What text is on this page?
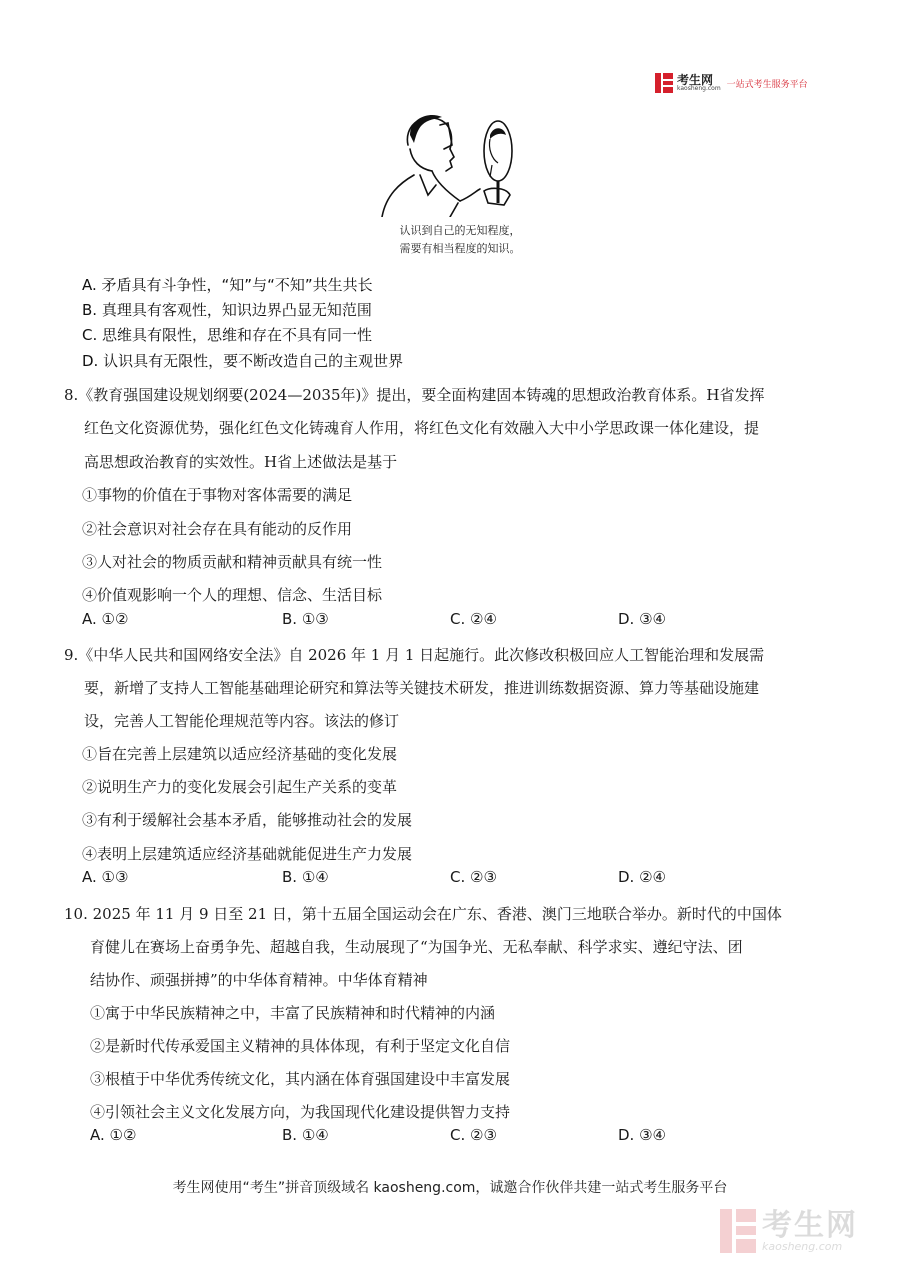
考生网
kaosheng.com 一站式考生服务平台
认识到自己的无知程度，
需要有相当程度的知识。
A. 矛盾具有斗争性，“知”与“不知”共生共长
B. 真理具有客观性，知识边界凸显无知范围
C. 思维具有限性，思维和存在不具有同一性
D. 认识具有无限性，要不断改造自己的主观世界
8.《教育强国建设规划纲要(2024—2035年)》提出，要全面构建固本铸魂的思想政治教育体系。H省发挥
红色文化资源优势，强化红色文化铸魂育人作用，将红色文化有效融入大中小学思政课一体化建设，提
高思想政治教育的实效性。H省上述做法是基于
①事物的价值在于事物对客体需要的满足
②社会意识对社会存在具有能动的反作用
③人对社会的物质贡献和精神贡献具有统一性
④价值观影响一个人的理想、信念、生活目标
A. ①②	B. ①③	C. ②④	D. ③④
9.《中华人民共和国网络安全法》自 2026 年 1 月 1 日起施行。此次修改积极回应人工智能治理和发展需
要，新增了支持人工智能基础理论研究和算法等关键技术研发，推进训练数据资源、算力等基础设施建
设，完善人工智能伦理规范等内容。该法的修订
①旨在完善上层建筑以适应经济基础的变化发展
②说明生产力的变化发展会引起生产关系的变革
③有利于缓解社会基本矛盾，能够推动社会的发展
④表明上层建筑适应经济基础就能促进生产力发展
A. ①③	B. ①④	C. ②③	D. ②④
10. 2025 年 11 月 9 日至 21 日，第十五届全国运动会在广东、香港、澳门三地联合举办。新时代的中国体
育健儿在赛场上奋勇争先、超越自我，生动展现了“为国争光、无私奉献、科学求实、遵纪守法、团
结协作、顽强拼搏”的中华体育精神。中华体育精神
①寓于中华民族精神之中，丰富了民族精神和时代精神的内涵
②是新时代传承爱国主义精神的具体体现，有利于坚定文化自信
③根植于中华优秀传统文化，其内涵在体育强国建设中丰富发展
④引领社会主义文化发展方向，为我国现代化建设提供智力支持
A. ①②	B. ①④	C. ②③	D. ③④
考生网使用“考生”拼音顶级域名 kaosheng.com，诚邀合作伙伴共建一站式考生服务平台
考生网
kaosheng.com
